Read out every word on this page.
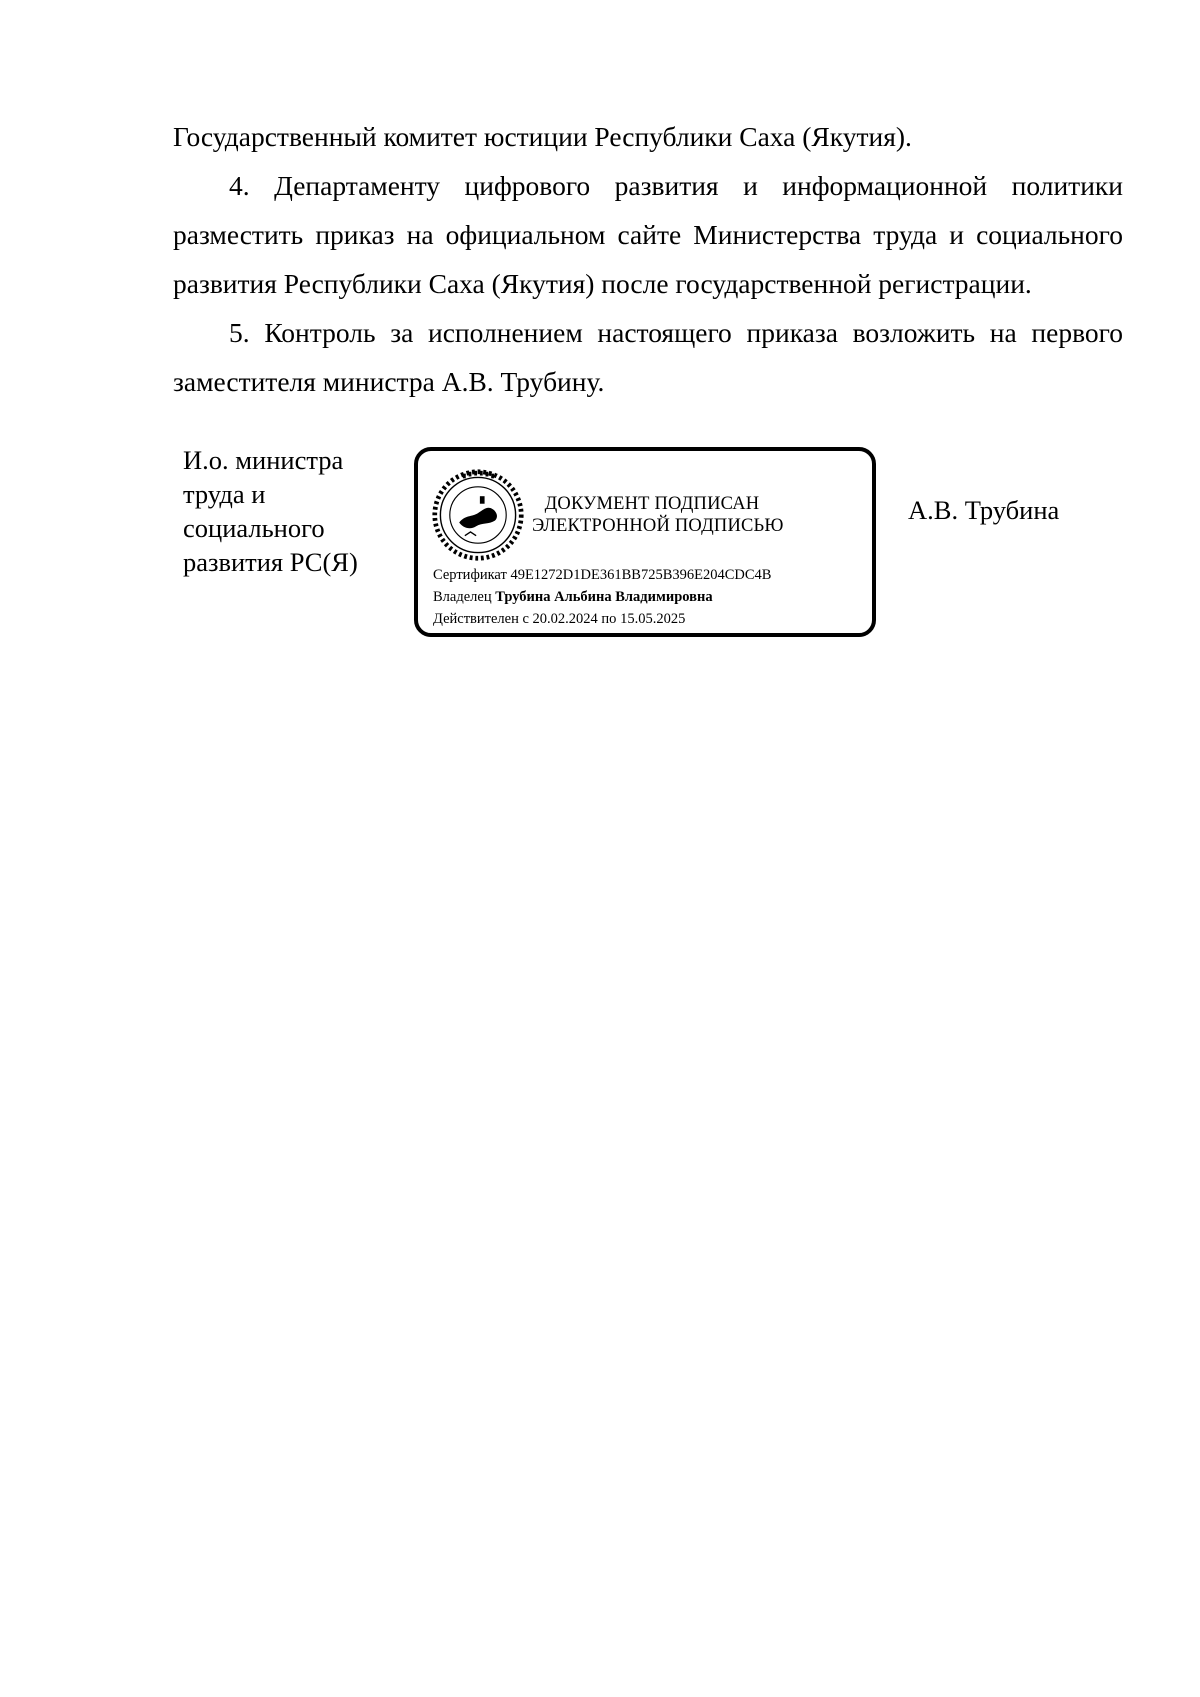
Государственный комитет юстиции Республики Саха (Якутия).

4. Департаменту цифрового развития и информационной политики разместить приказ на официальном сайте Министерства труда и социального развития Республики Саха (Якутия) после государственной регистрации.

5. Контроль за исполнением настоящего приказа возложить на первого заместителя министра А.В. Трубину.

И.о. министра
труда и
социального
развития РС(Я)
ДОКУМЕНТ ПОДПИСАН
ЭЛЕКТРОННОЙ ПОДПИСЬЮ
Сертификат 49E1272D1DE361BB725B396E204CDC4B
Владелец Трубина Альбина Владимировна
Действителен с 20.02.2024 по 15.05.2025
А.В. Трубина
